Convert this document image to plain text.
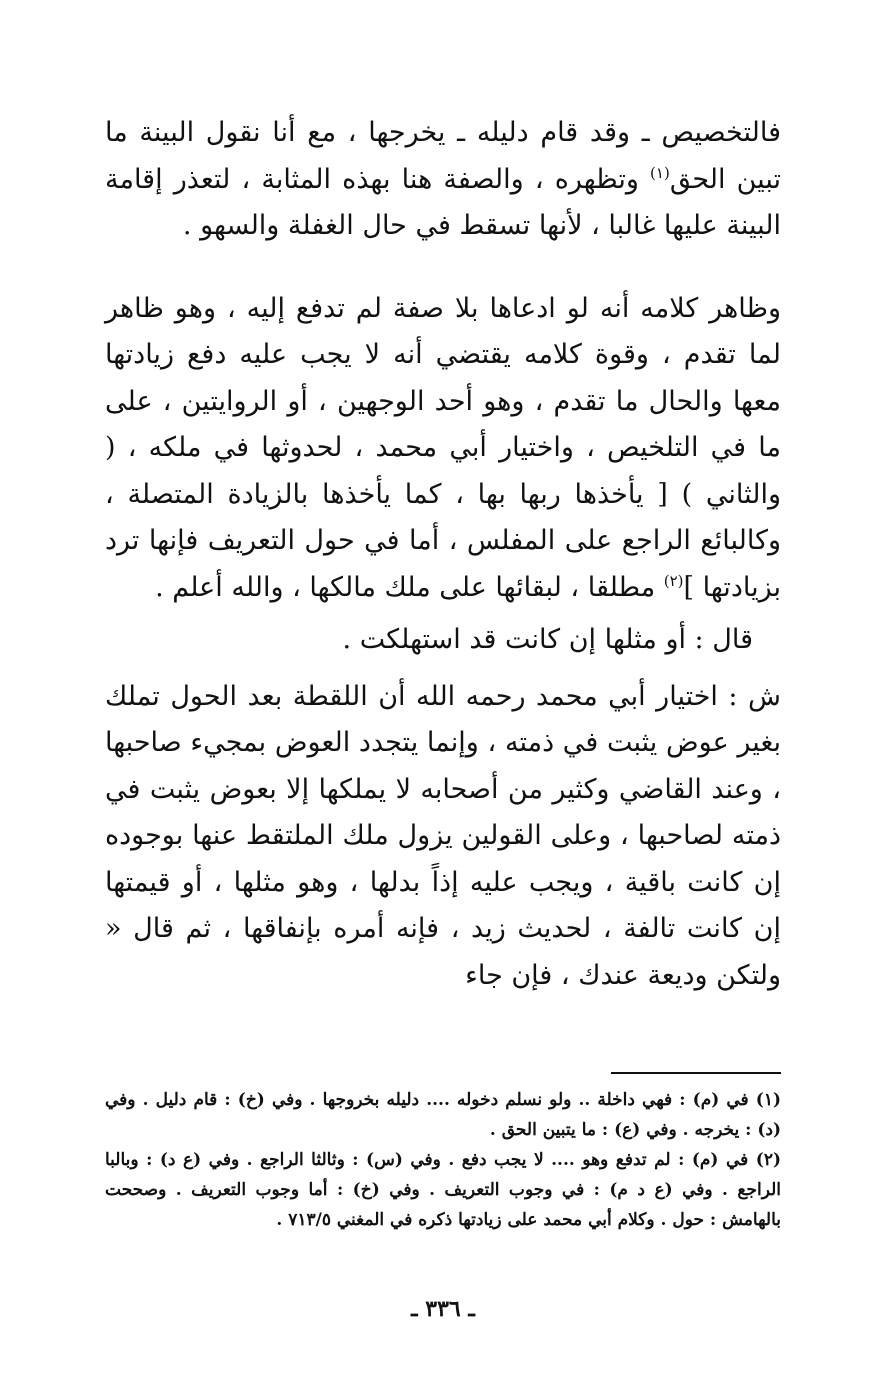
فالتخصيص ـ وقد قام دليله ـ يخرجها ، مع أنا نقول البينة ما تبين الحق$^{(١)}$ وتظهره ، والصفة هنا بهذه المثابة ، لتعذر إقامة البينة عليها غالبا ، لأنها تسقط في حال الغفلة والسهو .

وظاهر كلامه أنه لو ادعاها بلا صفة لم تدفع إليه ، وهو ظاهر لما تقدم ، وقوة كلامه يقتضي أنه لا يجب عليه دفع زيادتها معها والحال ما تقدم ، وهو أحد الوجهين ، أو الروايتين ، على ما في التلخيص ، واختيار أبي محمد ، لحدوثها في ملكه ، ( والثاني ) [ يأخذها ربها بها ، كما يأخذها بالزيادة المتصلة ، وكالبائع الراجع على المفلس ، أما في حول التعريف فإنها ترد بزيادتها ]$^{(٢)}$ مطلقا ، لبقائها على ملك مالكها ، والله أعلم .

قال : أو مثلها إن كانت قد استهلكت .

ش : اختيار أبي محمد رحمه الله أن اللقطة بعد الحول تملك بغير عوض يثبت في ذمته ، وإنما يتجدد العوض بمجيء صاحبها ، وعند القاضي وكثير من أصحابه لا يملكها إلا بعوض يثبت في ذمته لصاحبها ، وعلى القولين يزول ملك الملتقط عنها بوجوده إن كانت باقية ، ويجب عليه إذاً بدلها ، وهو مثلها ، أو قيمتها إن كانت تالفة ، لحديث زيد ، فإنه أمره بإنفاقها ، ثم قال « ولتكن وديعة عندك ، فإن جاء

(١) في (م) : فهي داخلة .. ولو نسلم دخوله .... دليله بخروجها . وفي (خ) : قام دليل . وفي (د) : يخرجه . وفي (ع) : ما يتبين الحق .

(٢) في (م) : لم تدفع وهو .... لا يجب دفع . وفي (س) : وثالثا الراجع . وفي (ع د) : وبالبا الراجع . وفي (ع د م) : في وجوب التعريف . وفي (خ) : أما وجوب التعريف . وصححت بالهامش : حول . وكلام أبي محمد على زيادتها ذكره في المغني ٧١٣/٥ .

ـ ٣٣٦ ـ
